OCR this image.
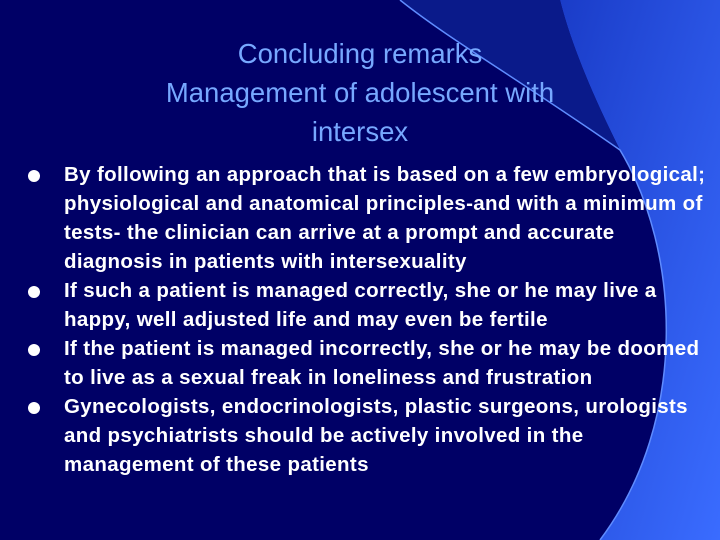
Concluding remarks
Management of adolescent with
intersex
By following an approach that is based on a few embryological; physiological and anatomical principles-and with a minimum of tests- the clinician can arrive at a prompt and accurate diagnosis in patients with intersexuality
If such a patient is managed correctly, she or he may live a happy, well adjusted life and may even be fertile
If the patient is managed incorrectly, she or he may be doomed to live as a sexual freak in loneliness and frustration
Gynecologists, endocrinologists, plastic surgeons, urologists and psychiatrists should be actively involved in the management of these patients
